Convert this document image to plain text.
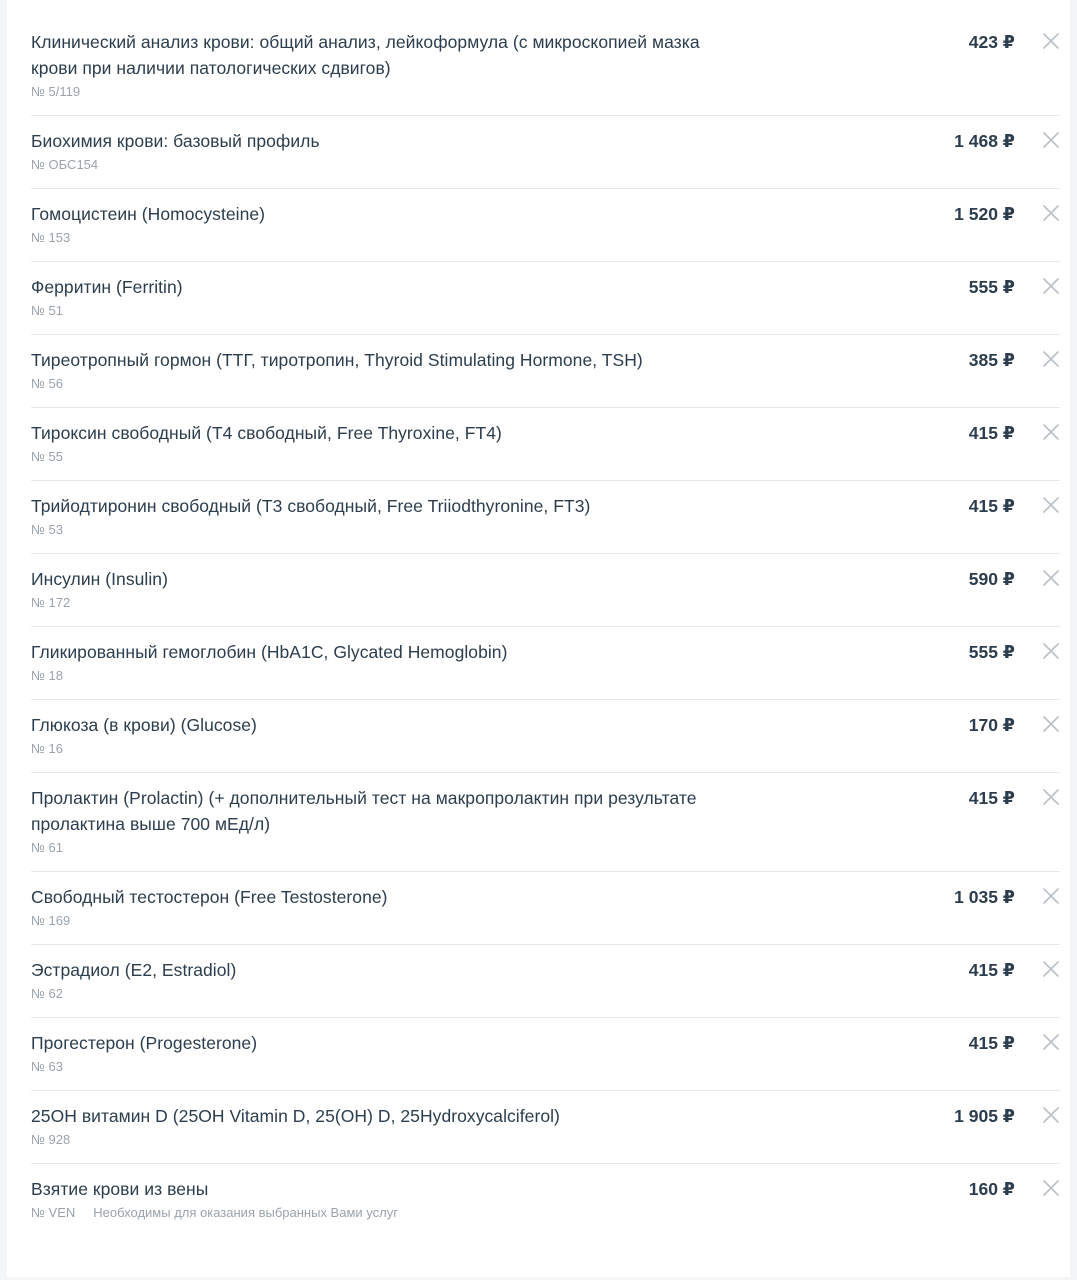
Клинический анализ крови: общий анализ, лейкоформула (с микроскопией мазка крови при наличии патологических сдвигов)
№ 5/119
423 ₽
Биохимия крови: базовый профиль
№ ОБС154
1 468 ₽
Гомоцистеин (Homocysteine)
№ 153
1 520 ₽
Ферритин (Ferritin)
№ 51
555 ₽
Тиреотропный гормон (ТТГ, тиротропин, Thyroid Stimulating Hormone, TSH)
№ 56
385 ₽
Тироксин свободный (Т4 свободный, Free Thyroxine, FT4)
№ 55
415 ₽
Трийодтиронин свободный (Т3 свободный, Free Triiodthyronine, FT3)
№ 53
415 ₽
Инсулин (Insulin)
№ 172
590 ₽
Гликированный гемоглобин (HbA1C, Glycated Hemoglobin)
№ 18
555 ₽
Глюкоза (в крови) (Glucose)
№ 16
170 ₽
Пролактин (Prolactin) (+ дополнительный тест на макропролактин при результате пролактина выше 700 мЕд/л)
№ 61
415 ₽
Свободный тестостерон (Free Testosterone)
№ 169
1 035 ₽
Эстрадиол (E2, Estradiol)
№ 62
415 ₽
Прогестерон (Progesterone)
№ 63
415 ₽
25OH витамин D (25OH Vitamin D, 25(OH) D, 25Hydroxycalciferol)
№ 928
1 905 ₽
Взятие крови из вены
№ VEN Необходимы для оказания выбранных Вами услуг
160 ₽
